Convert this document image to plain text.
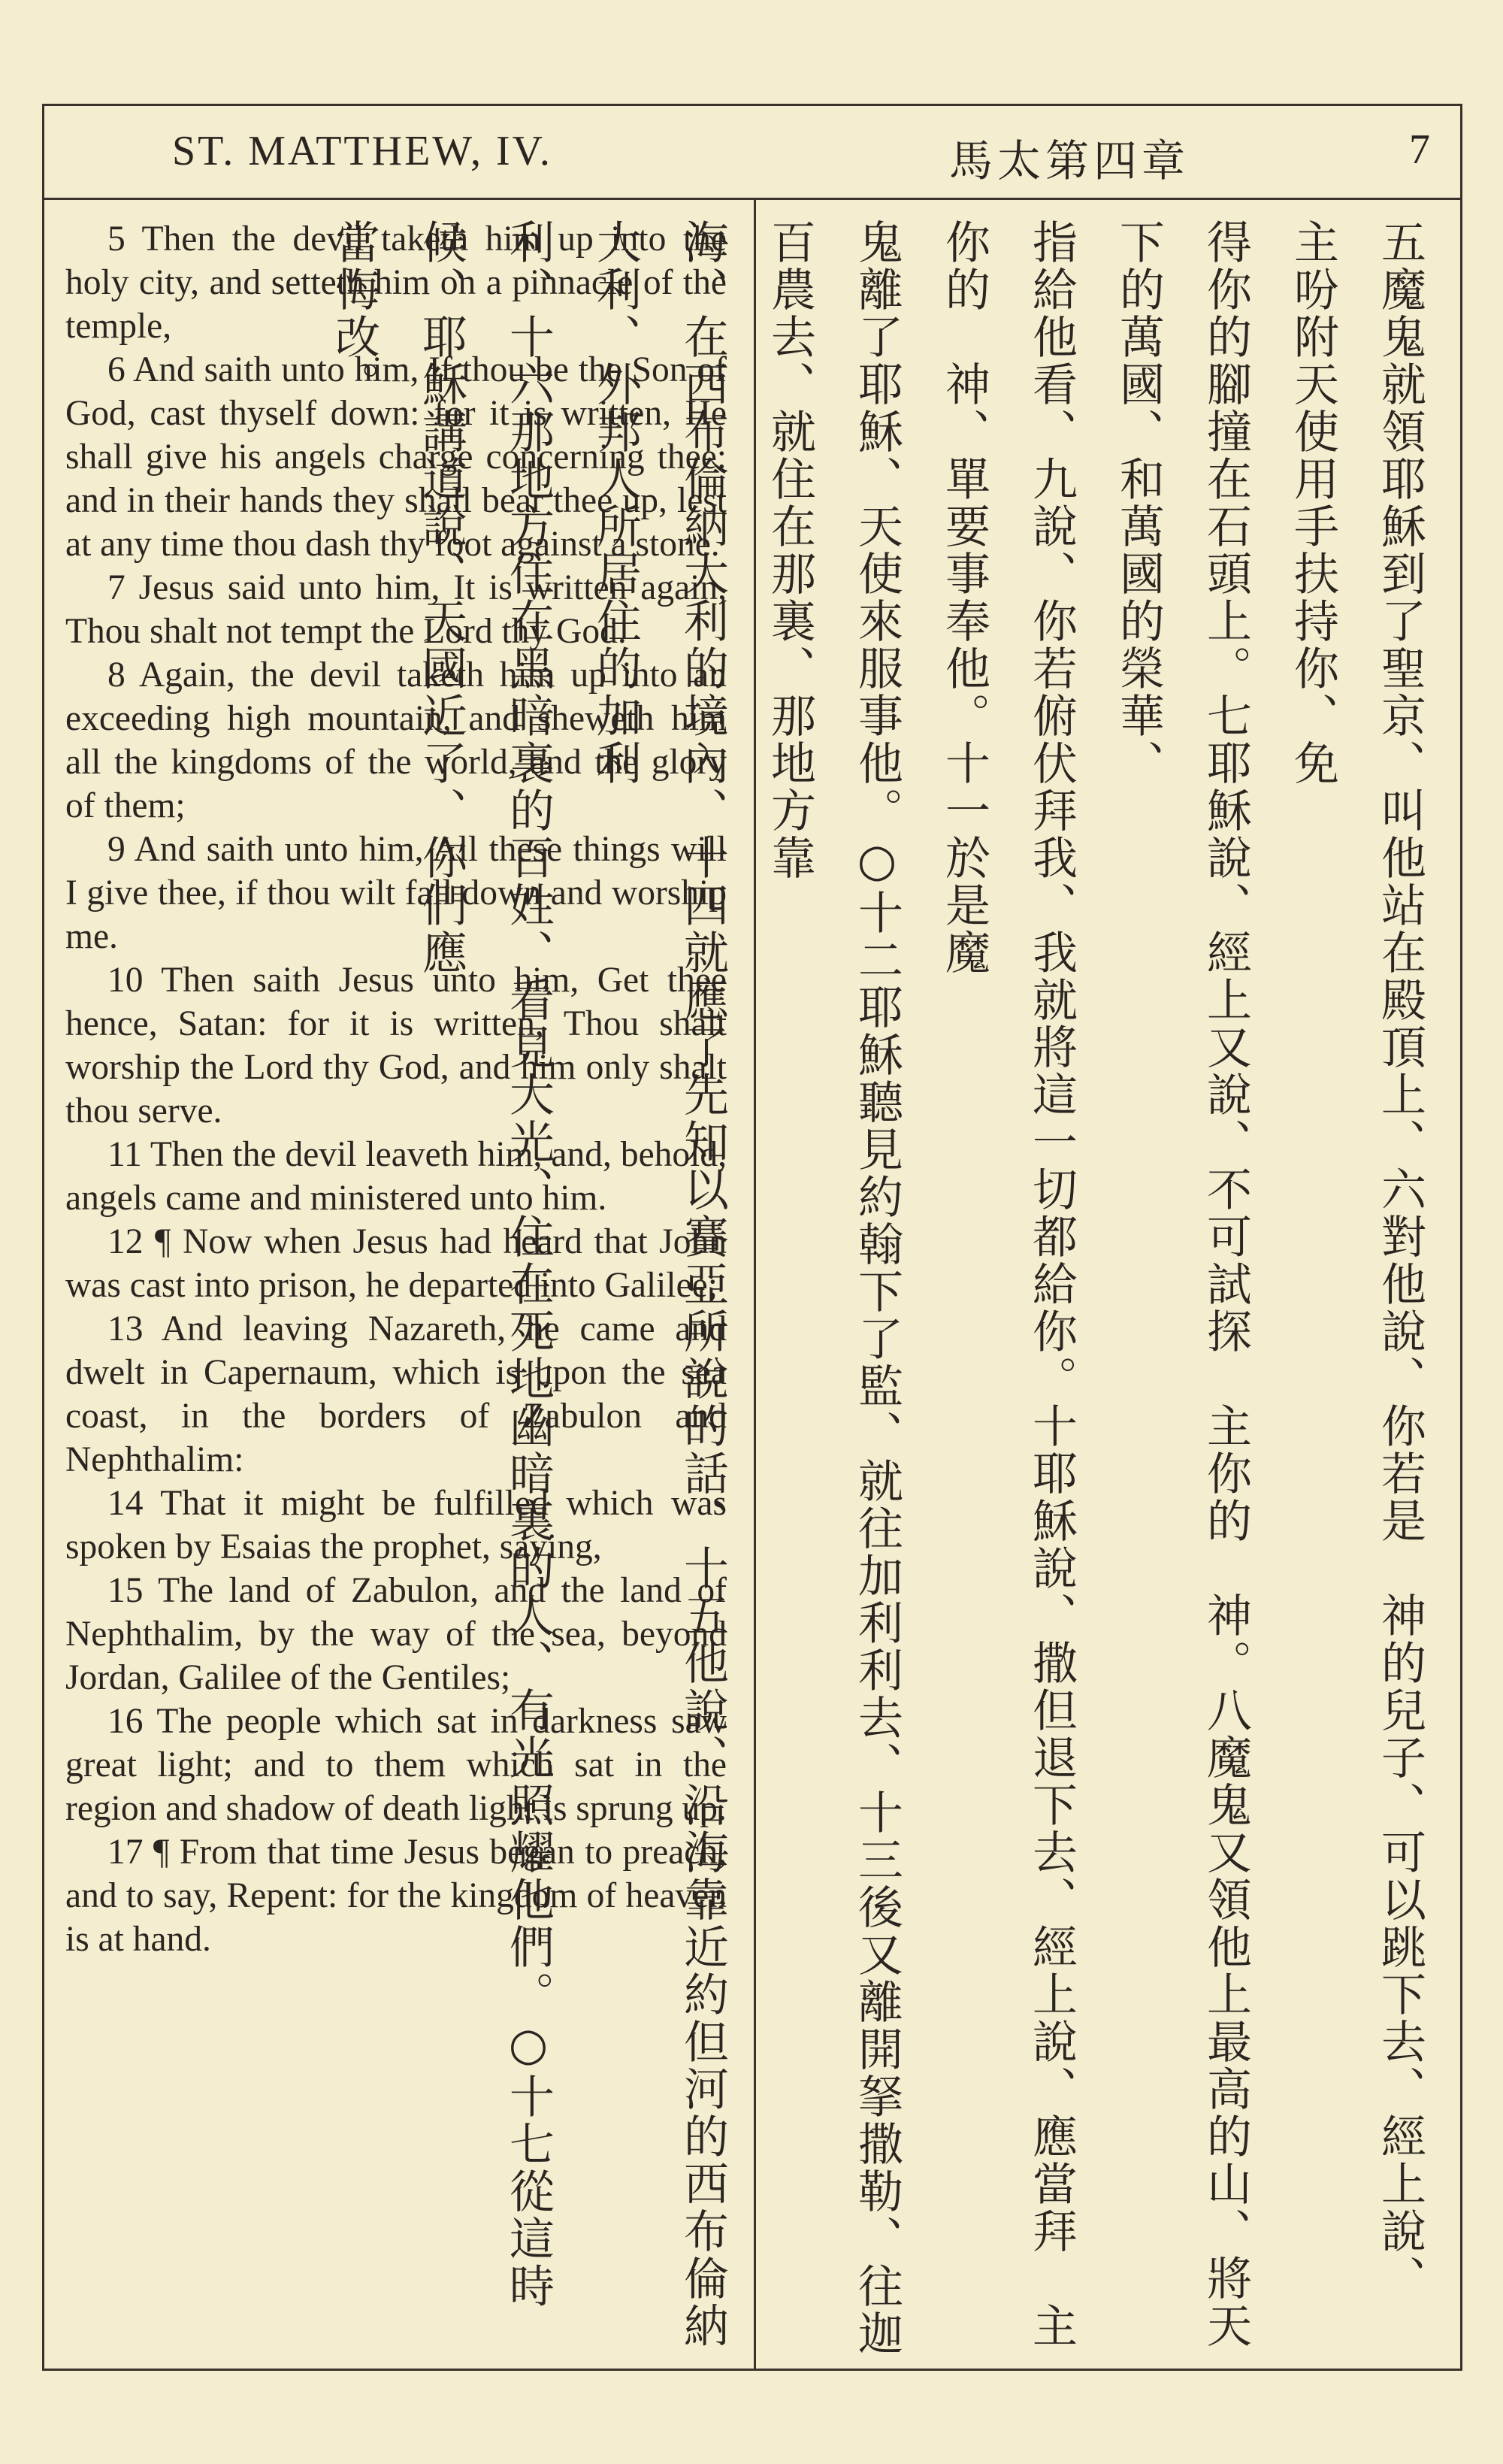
ST. MATTHEW, IV.	馬太第四章	7

5 Then the devil taketh him up into the holy city, and setteth him on a pinnacle of the temple,

6 And saith unto him, If thou be the Son of God, cast thyself down: for it is written, He shall give his angels charge concerning thee: and in their hands they shall bear thee up, lest at any time thou dash thy foot against a stone.

7 Jesus said unto him, It is written again, Thou shalt not tempt the Lord thy God.

8 Again, the devil taketh him up into an exceeding high mountain, and sheweth him all the kingdoms of the world, and the glory of them;

9 And saith unto him, All these things will I give thee, if thou wilt fall down and worship me.

10 Then saith Jesus unto him, Get thee hence, Satan: for it is written, Thou shalt worship the Lord thy God, and him only shalt thou serve.

11 Then the devil leaveth him, and, behold, angels came and ministered unto him.

12 ¶ Now when Jesus had heard that John was cast into prison, he departed into Galilee;

13 And leaving Nazareth, he came and dwelt in Capernaum, which is upon the sea coast, in the borders of Zabulon and Nephthalim:

14 That it might be fulfilled which was spoken by Esaias the prophet, saying,

15 The land of Zabulon, and the land of Nephthalim, by the way of the sea, beyond Jordan, Galilee of the Gentiles;

16 The people which sat in darkness saw great light; and to them which sat in the region and shadow of death light is sprung up.

17 ¶ From that time Jesus began to preach, and to say, Repent: for the kingdom of heaven is at hand.	五魔鬼就領耶穌到了聖京、叫他站在殿頂上、六對他說、你若是　神的兒子、可以跳下去、經上說、　主吩附天使用手扶持你、免
得你的腳撞在石頭上。七耶穌說、經上又說、不可試探　主你的　神。八魔鬼又領他上最高的山、將天下的萬國、和萬國的榮華、
指給他看、九說、你若俯伏拜我、我就將這一切都給你。十耶穌說、撒但退下去、經上說、應當拜　主你的　神、單要事奉他。十一於是魔
鬼離了耶穌、天使來服事他。○十二耶穌聽見約翰下了監、就往加利利去、十三後又離開拏撒勒、往迦百農去、就住在那裏、那地方靠
海、在西布倫納大利的境內、十四就應了先知以賽亞所說的話、十五他說、沿海靠近約但河的西布倫納大利、外邦人所居住的加利
利、十六那地方住在黑暗裏的百姓、看見大光、住在死地幽暗裏的人、有光照耀他們。○十七從這時候、耶穌講道說、天國近了、你們應
當悔改。
